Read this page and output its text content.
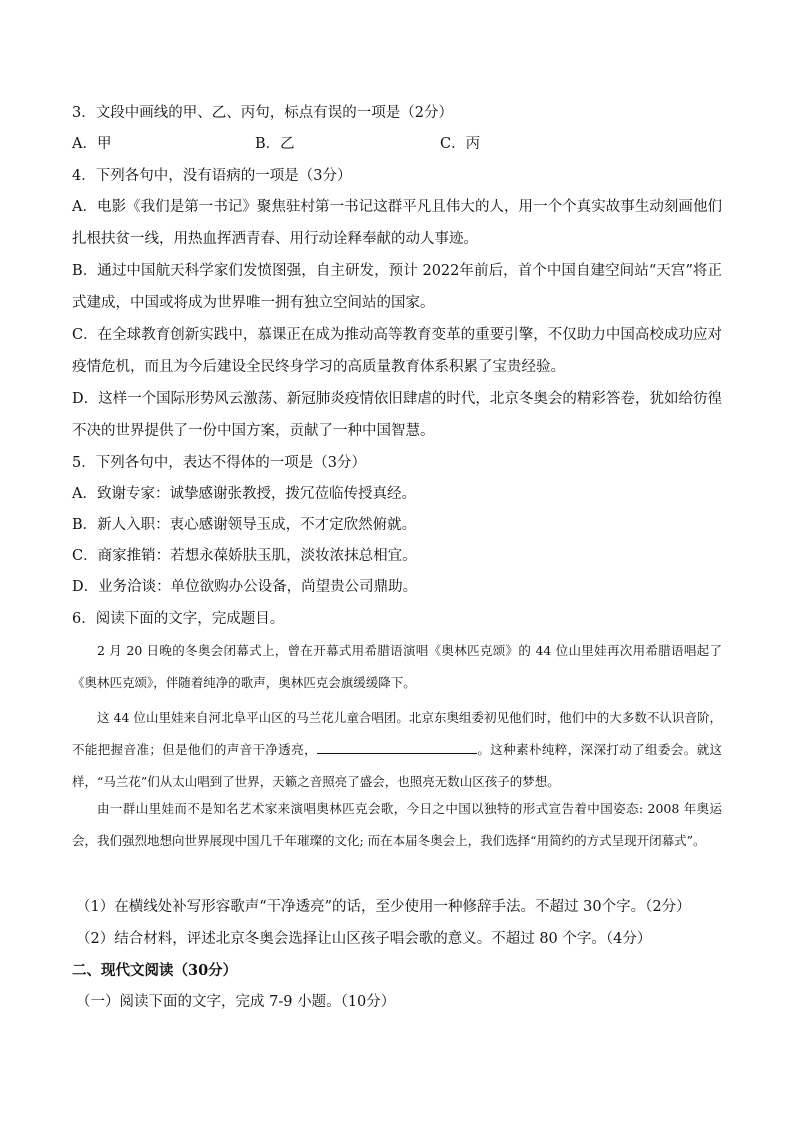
3．文段中画线的甲、乙、丙句，标点有误的一项是（2分）
A．甲	B．乙	C．丙
4．下列各句中，没有语病的一项是（3分）
A．电影《我们是第一书记》聚焦驻村第一书记这群平凡且伟大的人，用一个个真实故事生动刻画他们扎根扶贫一线，用热血挥洒青春、用行动诠释奉献的动人事迹。
B．通过中国航天科学家们发愤图强，自主研发，预计 2022年前后，首个中国自建空间站“天宫”将正式建成，中国或将成为世界唯一拥有独立空间站的国家。
C．在全球教育创新实践中，慕课正在成为推动高等教育变革的重要引擎，不仅助力中国高校成功应对疫情危机，而且为今后建设全民终身学习的高质量教育体系积累了宝贵经验。
D．这样一个国际形势风云激荡、新冠肺炎疫情依旧肆虐的时代，北京冬奥会的精彩答卷，犹如给彷徨不决的世界提供了一份中国方案，贡献了一种中国智慧。
5．下列各句中，表达不得体的一项是（3分）
A．致谢专家：诚挚感谢张教授，拨冗莅临传授真经。
B．新人入职：衷心感谢领导玉成，不才定欣然俯就。
C．商家推销：若想永葆娇肤玉肌，淡妆浓抹总相宜。
D．业务洽谈：单位欲购办公设备，尚望贵公司鼎助。
6．阅读下面的文字，完成题目。
2 月 20 日晚的冬奥会闭幕式上，曾在开幕式用希腊语演唱《奥林匹克颂》的 44 位山里娃再次用希腊语唱起了《奥林匹克颂》，伴随着纯净的歌声，奥林匹克会旗缓缓降下。
这 44 位山里娃来自河北阜平山区的马兰花儿童合唱团。北京东奥组委初见他们时，他们中的大多数不认识音阶，不能把握音准；但是他们的声音干净透亮，	。这种素朴纯粹，深深打动了组委会。就这样，“马兰花”们从太山唱到了世界，天籁之音照亮了盛会，也照亮无数山区孩子的梦想。
由一群山里娃而不是知名艺术家来演唱奥林匹克会歌，今日之中国以独特的形式宣告着中国姿态: 2008 年奥运会，我们强烈地想向世界展现中国几千年璀璨的文化; 而在本届冬奥会上，我们选择“用简约的方式呈现开闭幕式”。
（1）在横线处补写形容歌声“干净透亮”的话，至少使用一种修辞手法。不超过 30个字。（2分）
（2）结合材料，评述北京冬奥会选择让山区孩子唱会歌的意义。不超过 80 个字。（4分）
二、现代文阅读（30分）
（一）阅读下面的文字，完成 7-9 小题。（10分）
